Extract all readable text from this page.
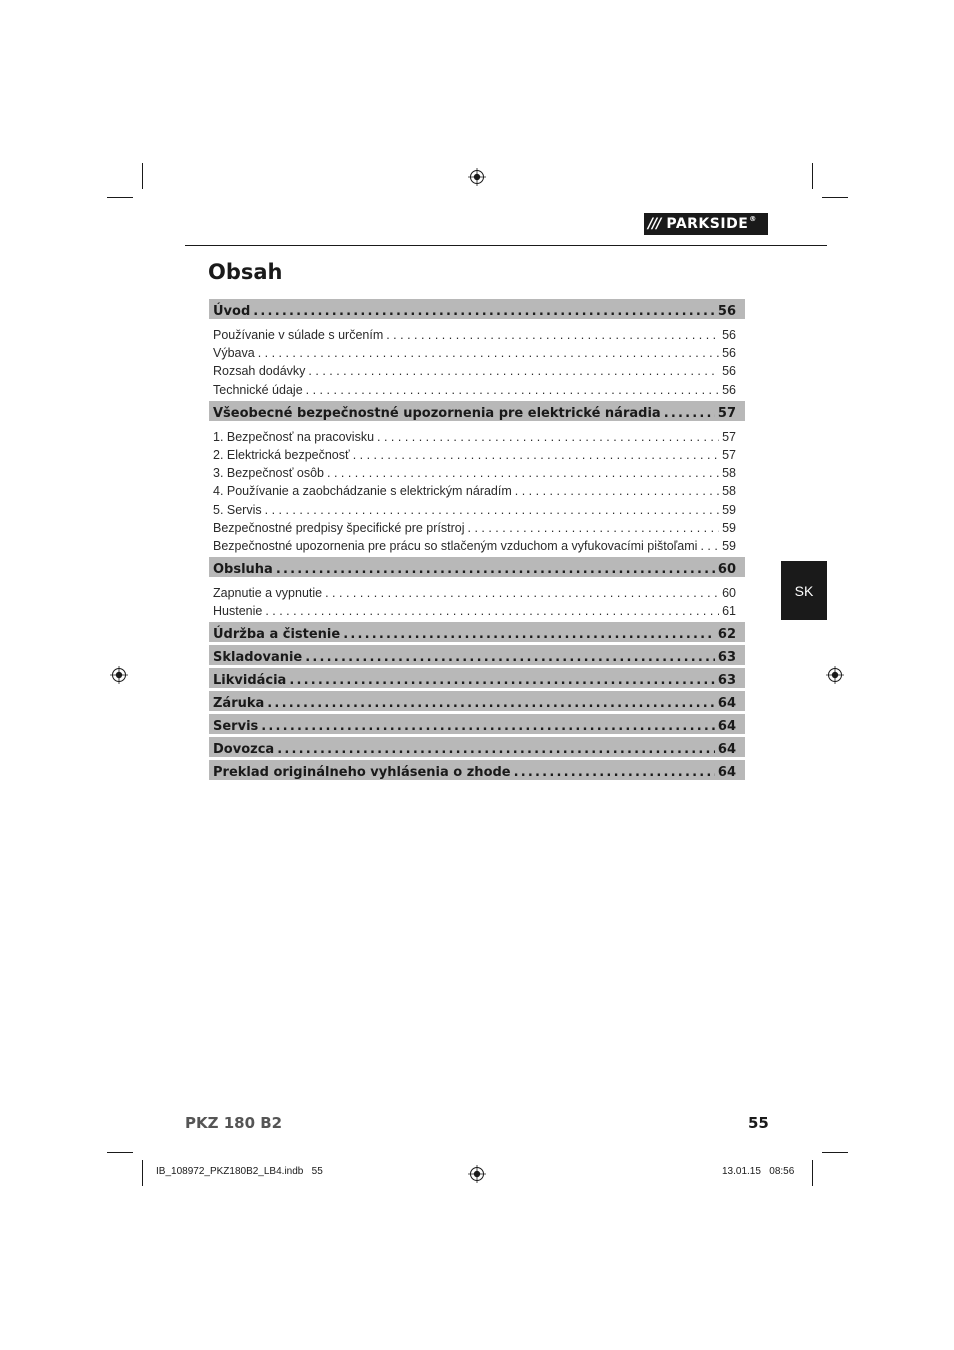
/// PARKSIDE ®
Obsah
Úvod .....	56
Používanie v súlade s určením . . .	56
Výbava . . .	56
Rozsah dodávky . . .	56
Technické údaje . . .	56
Všeobecné bezpečnostné upozornenia pre elektrické náradia .....	57
1. Bezpečnosť na pracovisku . . .	57
2. Elektrická bezpečnosť . . .	57
3. Bezpečnosť osôb . . .	58
4. Používanie a zaobchádzanie s elektrickým náradím . . .	58
5. Servis . . .	59
Bezpečnostné predpisy špecifické pre prístroj . . .	59
Bezpečnostné upozornenia pre prácu so stlačeným vzduchom a vyfukovacími pištoľami . . . 59
Obsluha .....	60
Zapnutie a vypnutie . . .	60
Hustenie . . .	61
Údržba a čistenie .....	62
Skladovanie .....	63
Likvidácia .....	63
Záruka .....	64
Servis .....	64
Dovozca .....	64
Preklad originálneho vyhlásenia o zhode .....	64
SK
PKZ 180 B2	55
IB_108972_PKZ180B2_LB4.indb   55	13.01.15   08:56
